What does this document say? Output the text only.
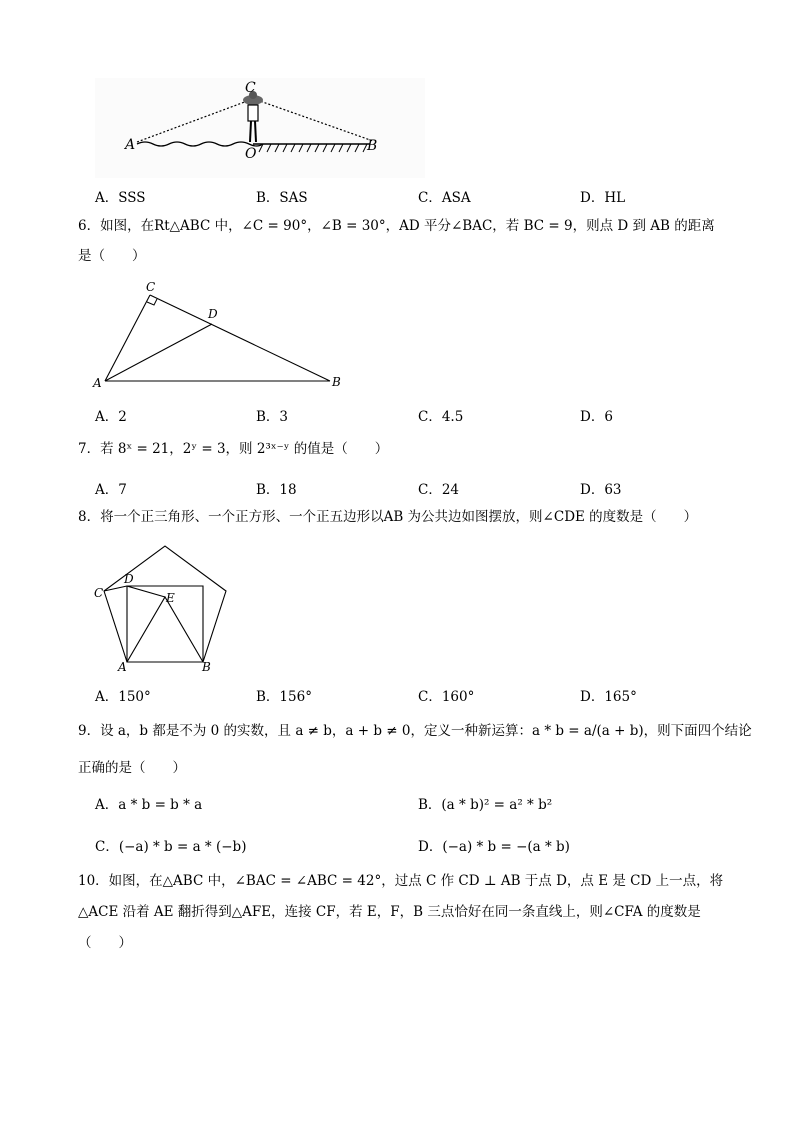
C
A
O	B
A．SSS	B．SAS	C．ASA	D．HL
6．如图，在Rt△ABC 中，∠C = 90°，∠B = 30°，AD 平分∠BAC，若 BC = 9，则点 D 到 AB 的距离
是（　　）
C
D
A	B
A．2	B．3	C．4.5	D．6
7．若 8ˣ = 21，2ʸ = 3，则 2³ˣ⁻ʸ 的值是（　　）
A．7	B．18	C．24	D．63
8．将一个正三角形、一个正方形、一个正五边形以AB 为公共边如图摆放，则∠CDE 的度数是（　　）
C
D
E
A	B
A．150°	B．156°	C．160°	D．165°
9．设 a，b 都是不为 0 的实数，且 a ≠ b，a + b ≠ 0，定义一种新运算：a * b = a/(a + b)，则下面四个结论
正确的是（　　）
A．a * b = b * a	B．(a * b)² = a² * b²
C．(−a) * b = a * (−b)	D．(−a) * b = −(a * b)
10．如图，在△ABC 中，∠BAC = ∠ABC = 42°，过点 C 作 CD ⊥ AB 于点 D，点 E 是 CD 上一点，将
△ACE 沿着 AE 翻折得到△AFE，连接 CF，若 E，F，B 三点恰好在同一条直线上，则∠CFA 的度数是
（　　）
